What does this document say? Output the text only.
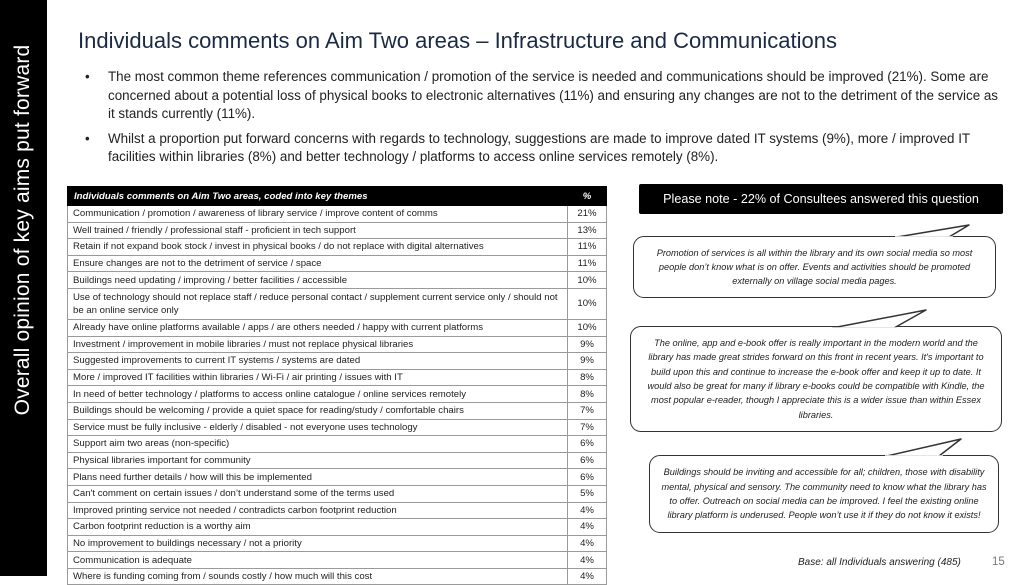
Overall opinion of key aims put forward
Individuals comments on Aim Two areas – Infrastructure and Communications
• The most common theme references communication / promotion of the service is needed and communications should be improved (21%). Some are concerned about a potential loss of physical books to electronic alternatives (11%) and ensuring any changes are not to the detriment of the service as it stands currently (11%).
• Whilst a proportion put forward concerns with regards to technology, suggestions are made to improve dated IT systems (9%), more / improved IT facilities within libraries (8%) and better technology / platforms to access online services remotely (8%).
Individuals comments on Aim Two areas, coded into key themes	%
Communication / promotion / awareness of library service / improve content of comms	21%
Well trained / friendly / professional staff - proficient in tech support	13%
Retain if not expand book stock / invest in physical books / do not replace with digital alternatives	11%
Ensure changes are not to the detriment of service / space	11%
Buildings need updating / improving / better facilities / accessible	10%
Use of technology should not replace staff / reduce personal contact / supplement current service only / should not be an online service only	10%
Already have online platforms available / apps / are others needed / happy with current platforms	10%
Investment / improvement in mobile libraries / must not replace physical libraries	9%
Suggested improvements to current IT systems / systems are dated	9%
More / improved IT facilities within libraries / Wi-Fi / air printing / issues with IT	8%
In need of better technology / platforms to access online catalogue / online services remotely	8%
Buildings should be welcoming / provide a quiet space for reading/study / comfortable chairs	7%
Service must be fully inclusive - elderly / disabled - not everyone uses technology	7%
Support aim two areas (non-specific)	6%
Physical libraries important for community	6%
Plans need further details / how will this be implemented	6%
Can't comment on certain issues / don’t understand some of the terms used	5%
Improved printing service not needed / contradicts carbon footprint reduction	4%
Carbon footprint reduction is a worthy aim	4%
No improvement to buildings necessary / not a priority	4%
Communication is adequate	4%
Where is funding coming from / sounds costly / how much will this cost	4%
Please note - 22% of Consultees answered this question
Promotion of services is all within the library and its own social media so most people don’t know what is on offer. Events and activities should be promoted externally on village social media pages.
The online, app and e-book offer is really important in the modern world and the library has made great strides forward on this front in recent years. It's important to build upon this and continue to increase the e-book offer and keep it up to date. It would also be great for many if library e-books could be compatible with Kindle, the most popular e-reader, though I appreciate this is a wider issue than within Essex libraries.
Buildings should be inviting and accessible for all; children, those with disability mental, physical and sensory. The community need to know what the library has to offer. Outreach on social media can be improved. I feel the existing online library platform is underused. People won’t use it if they do not know it exists!
Base: all Individuals answering (485)	15
